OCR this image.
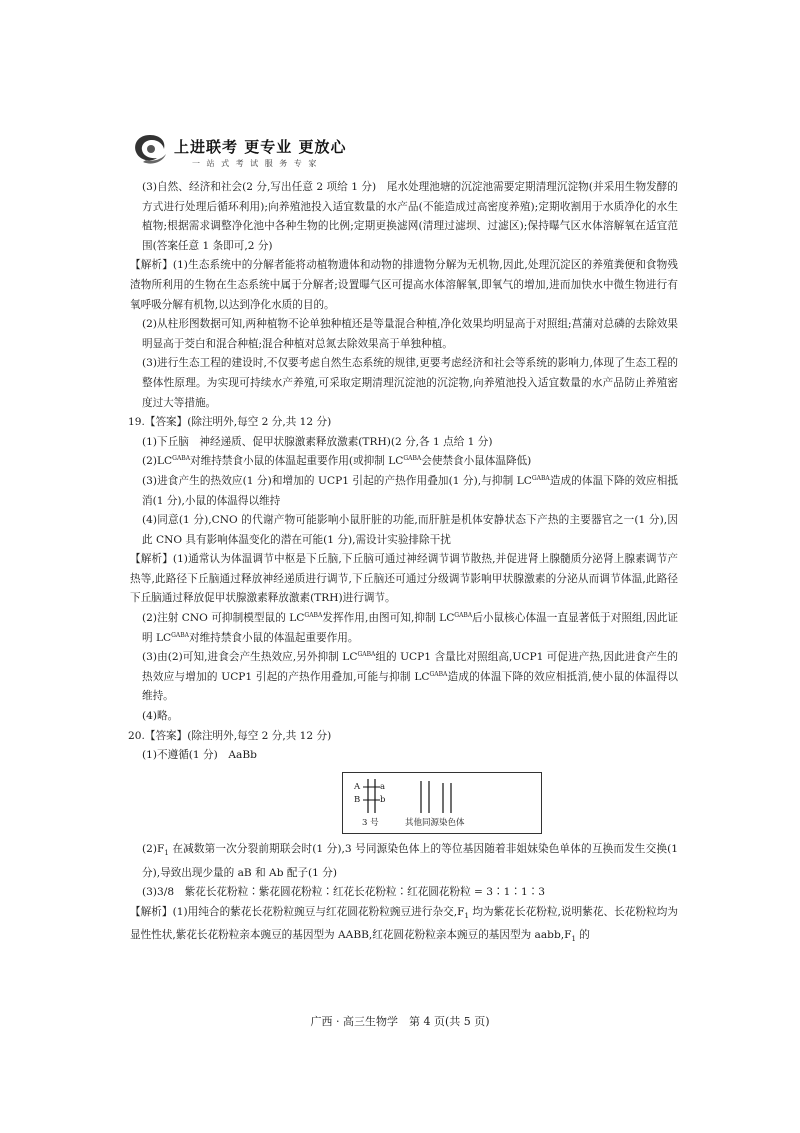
上进联考 更专业 更放心
一 站 式 考 试 服 务 专 家

(3)自然、经济和社会(2 分,写出任意 2 项给 1 分)　尾水处理池塘的沉淀池需要定期清理沉淀物(并采用生物发酵的方式进行处理后循环利用);向养殖池投入适宜数量的水产品(不能造成过高密度养殖);定期收割用于水质净化的水生植物;根据需求调整净化池中各种生物的比例;定期更换滤网(清理过滤坝、过滤区);保持曝气区水体溶解氧在适宜范围(答案任意 1 条即可,2 分)

【解析】(1)生态系统中的分解者能将动植物遗体和动物的排遗物分解为无机物,因此,处理沉淀区的养殖粪便和食物残渣物所利用的生物在生态系统中属于分解者;设置曝气区可提高水体溶解氧,即氧气的增加,进而加快水中微生物进行有氧呼吸分解有机物,以达到净化水质的目的。

(2)从柱形图数据可知,两种植物不论单独种植还是等量混合种植,净化效果均明显高于对照组;菖蒲对总磷的去除效果明显高于茭白和混合种植;混合种植对总氮去除效果高于单独种植。

(3)进行生态工程的建设时,不仅要考虑自然生态系统的规律,更要考虑经济和社会等系统的影响力,体现了生态工程的整体性原理。为实现可持续水产养殖,可采取定期清理沉淀池的沉淀物,向养殖池投入适宜数量的水产品防止养殖密度过大等措施。

19.【答案】(除注明外,每空 2 分,共 12 分)

(1)下丘脑　神经递质、促甲状腺激素释放激素(TRH)(2 分,各 1 点给 1 分)

$(2)LC^{GABA}$对维持禁食小鼠的体温起重要作用(或抑制 $LC^{GABA}$会使禁食小鼠体温降低)

(3)进食产生的热效应(1 分)和增加的 UCP1 引起的产热作用叠加(1 分),与抑制 $LC^{GABA}$造成的体温下降的效应相抵消(1 分),小鼠的体温得以维持

(4)同意(1 分),CNO 的代谢产物可能影响小鼠肝脏的功能,而肝脏是机体安静状态下产热的主要器官之一(1 分),因此 CNO 具有影响体温变化的潜在可能(1 分),需设计实验排除干扰

【解析】(1)通常认为体温调节中枢是下丘脑,下丘脑可通过神经调节调节散热,并促进肾上腺髓质分泌肾上腺素调节产热等,此路径下丘脑通过释放神经递质进行调节,下丘脑还可通过分级调节影响甲状腺激素的分泌从而调节体温,此路径下丘脑通过释放促甲状腺激素释放激素(TRH)进行调节。

(2)注射 CNO 可抑制模型鼠的 $LC^{GABA}$发挥作用,由图可知,抑制 $LC^{GABA}$后小鼠核心体温一直显著低于对照组,因此证明 $LC^{GABA}$对维持禁食小鼠的体温起重要作用。

(3)由(2)可知,进食会产生热效应,另外抑制 $LC^{GABA}$组的 UCP1 含量比对照组高,UCP1 可促进产热,因此进食产生的热效应与增加的 UCP1 引起的产热作用叠加,可能与抑制 $LC^{GABA}$造成的体温下降的效应相抵消,使小鼠的体温得以维持。

(4)略。

20.【答案】(除注明外,每空 2 分,共 12 分)

(1)不遵循(1 分)　AaBb

A a
B b
3 号	其他同源染色体

$(2)F_1$ 在减数第一次分裂前期联会时(1 分),3 号同源染色体上的等位基因随着非姐妹染色单体的互换而发生交换(1 分),导致出现少量的 aB 和 Ab 配子(1 分)

(3)3/8　紫花长花粉粒∶紫花圆花粉粒∶红花长花粉粒∶红花圆花粉粒 = 3∶1∶1∶3

【解析】(1)用纯合的紫花长花粉粒豌豆与红花圆花粉粒豌豆进行杂交$,F_1$ 均为紫花长花粉粒,说明紫花、长花粉粒均为显性性状,紫花长花粉粒亲本豌豆的基因型为 AABB,红花圆花粉粒亲本豌豆的基因型为 $aabb,F_1$ 的

广西 · 高三生物学　第 4 页(共 5 页)
